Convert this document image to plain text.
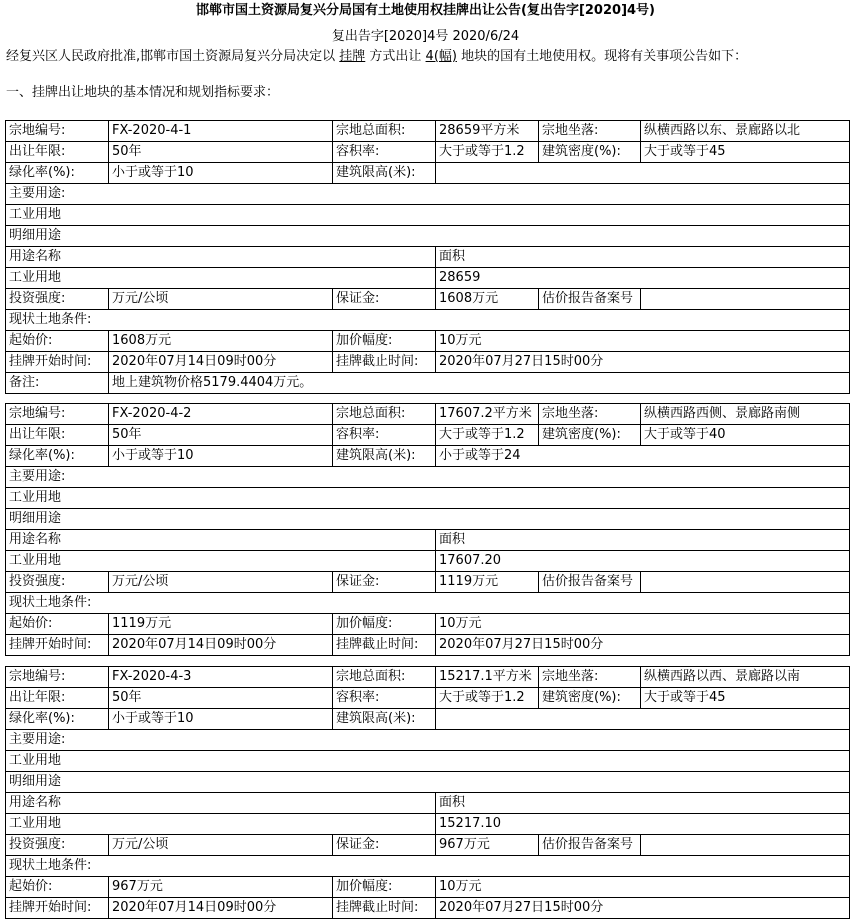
邯郸市国土资源局复兴分局国有土地使用权挂牌出让公告(复出告字[2020]4号)
复出告字[2020]4号 2020/6/24
经复兴区人民政府批准,邯郸市国土资源局复兴分局决定以 挂牌 方式出让 4(幅) 地块的国有土地使用权。现将有关事项公告如下：
一、挂牌出让地块的基本情况和规划指标要求：
宗地编号:	FX-2020-4-1	宗地总面积:	28659平方米	宗地坐落:	纵横西路以东、景廊路以北
出让年限:	50年	容积率:	大于或等于1.2	建筑密度(%):	大于或等于45
绿化率(%):	小于或等于10	建筑限高(米):			
主要用途:					
工业用地					
明细用途					
用途名称			面积		
工业用地			28659		
投资强度:	万元/公顷	保证金:	1608万元	估价报告备案号	
现状土地条件:					
起始价:	1608万元	加价幅度:	10万元		
挂牌开始时间:	2020年07月14日09时00分	挂牌截止时间:	2020年07月27日15时00分		
备注:	地上建筑物价格5179.4404万元。				
宗地编号:	FX-2020-4-2	宗地总面积:	17607.2平方米	宗地坐落:	纵横西路西侧、景廊路南侧
出让年限:	50年	容积率:	大于或等于1.2	建筑密度(%):	大于或等于40
绿化率(%):	小于或等于10	建筑限高(米):	小于或等于24		
主要用途:					
工业用地					
明细用途					
用途名称			面积		
工业用地			17607.20		
投资强度:	万元/公顷	保证金:	1119万元	估价报告备案号	
现状土地条件:					
起始价:	1119万元	加价幅度:	10万元		
挂牌开始时间:	2020年07月14日09时00分	挂牌截止时间:	2020年07月27日15时00分		
宗地编号:	FX-2020-4-3	宗地总面积:	15217.1平方米	宗地坐落:	纵横西路以西、景廊路以南
出让年限:	50年	容积率:	大于或等于1.2	建筑密度(%):	大于或等于45
绿化率(%):	小于或等于10	建筑限高(米):			
主要用途:					
工业用地					
明细用途					
用途名称			面积		
工业用地			15217.10		
投资强度:	万元/公顷	保证金:	967万元	估价报告备案号	
现状土地条件:					
起始价:	967万元	加价幅度:	10万元		
挂牌开始时间:	2020年07月14日09时00分	挂牌截止时间:	2020年07月27日15时00分		
